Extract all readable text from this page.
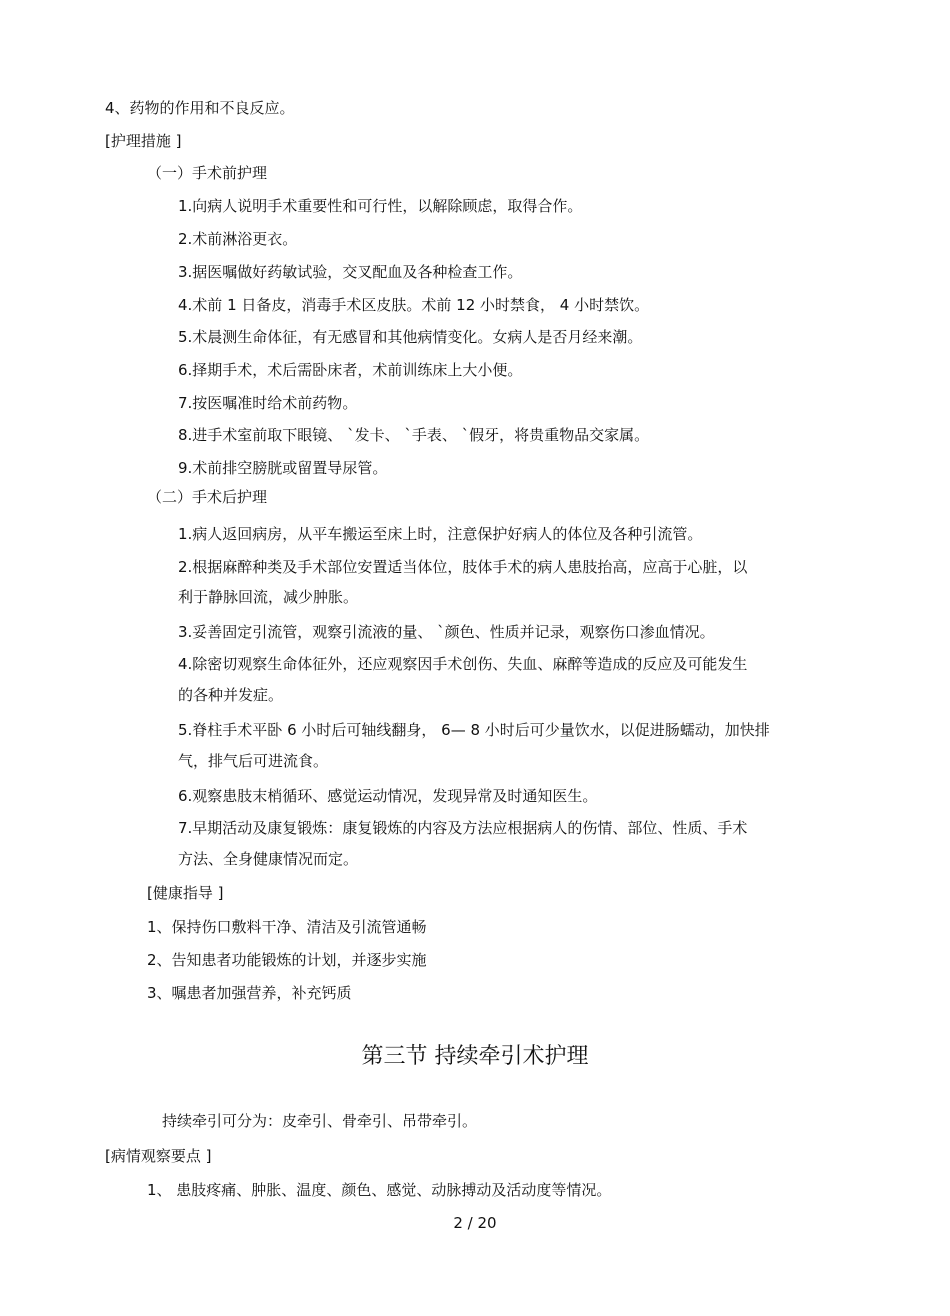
4、药物的作用和不良反应。
[护理措施 ]
（一）手术前护理
1.向病人说明手术重要性和可行性，以解除顾虑，取得合作。
2.术前淋浴更衣。
3.据医嘱做好药敏试验，交叉配血及各种检查工作。
4.术前 1 日备皮，消毒手术区皮肤。术前 12 小时禁食， 4 小时禁饮。
5.术晨测生命体征，有无感冒和其他病情变化。女病人是否月经来潮。
6.择期手术，术后需卧床者，术前训练床上大小便。
7.按医嘱准时给术前药物。
8.进手术室前取下眼镜、 `发卡、 `手表、 `假牙，将贵重物品交家属。
9.术前排空膀胱或留置导尿管。
（二）手术后护理
1.病人返回病房，从平车搬运至床上时，注意保护好病人的体位及各种引流管。
2.根据麻醉种类及手术部位安置适当体位，肢体手术的病人患肢抬高，应高于心脏，以
利于静脉回流，减少肿胀。
3.妥善固定引流管，观察引流液的量、 `颜色、性质并记录，观察伤口渗血情况。
4.除密切观察生命体征外，还应观察因手术创伤、失血、麻醉等造成的反应及可能发生
的各种并发症。
5.脊柱手术平卧 6 小时后可轴线翻身， 6— 8 小时后可少量饮水，以促进肠蠕动，加快排
气，排气后可进流食。
6.观察患肢末梢循环、感觉运动情况，发现异常及时通知医生。
7.早期活动及康复锻炼：康复锻炼的内容及方法应根据病人的伤情、部位、性质、手术
方法、全身健康情况而定。
[健康指导 ]
1、保持伤口敷料干净、清洁及引流管通畅
2、告知患者功能锻炼的计划，并逐步实施
3、嘱患者加强营养，补充钙质
第三节 持续牵引术护理
持续牵引可分为：皮牵引、骨牵引、吊带牵引。
[病情观察要点 ]
1、 患肢疼痛、肿胀、温度、颜色、感觉、动脉搏动及活动度等情况。
2 / 20
